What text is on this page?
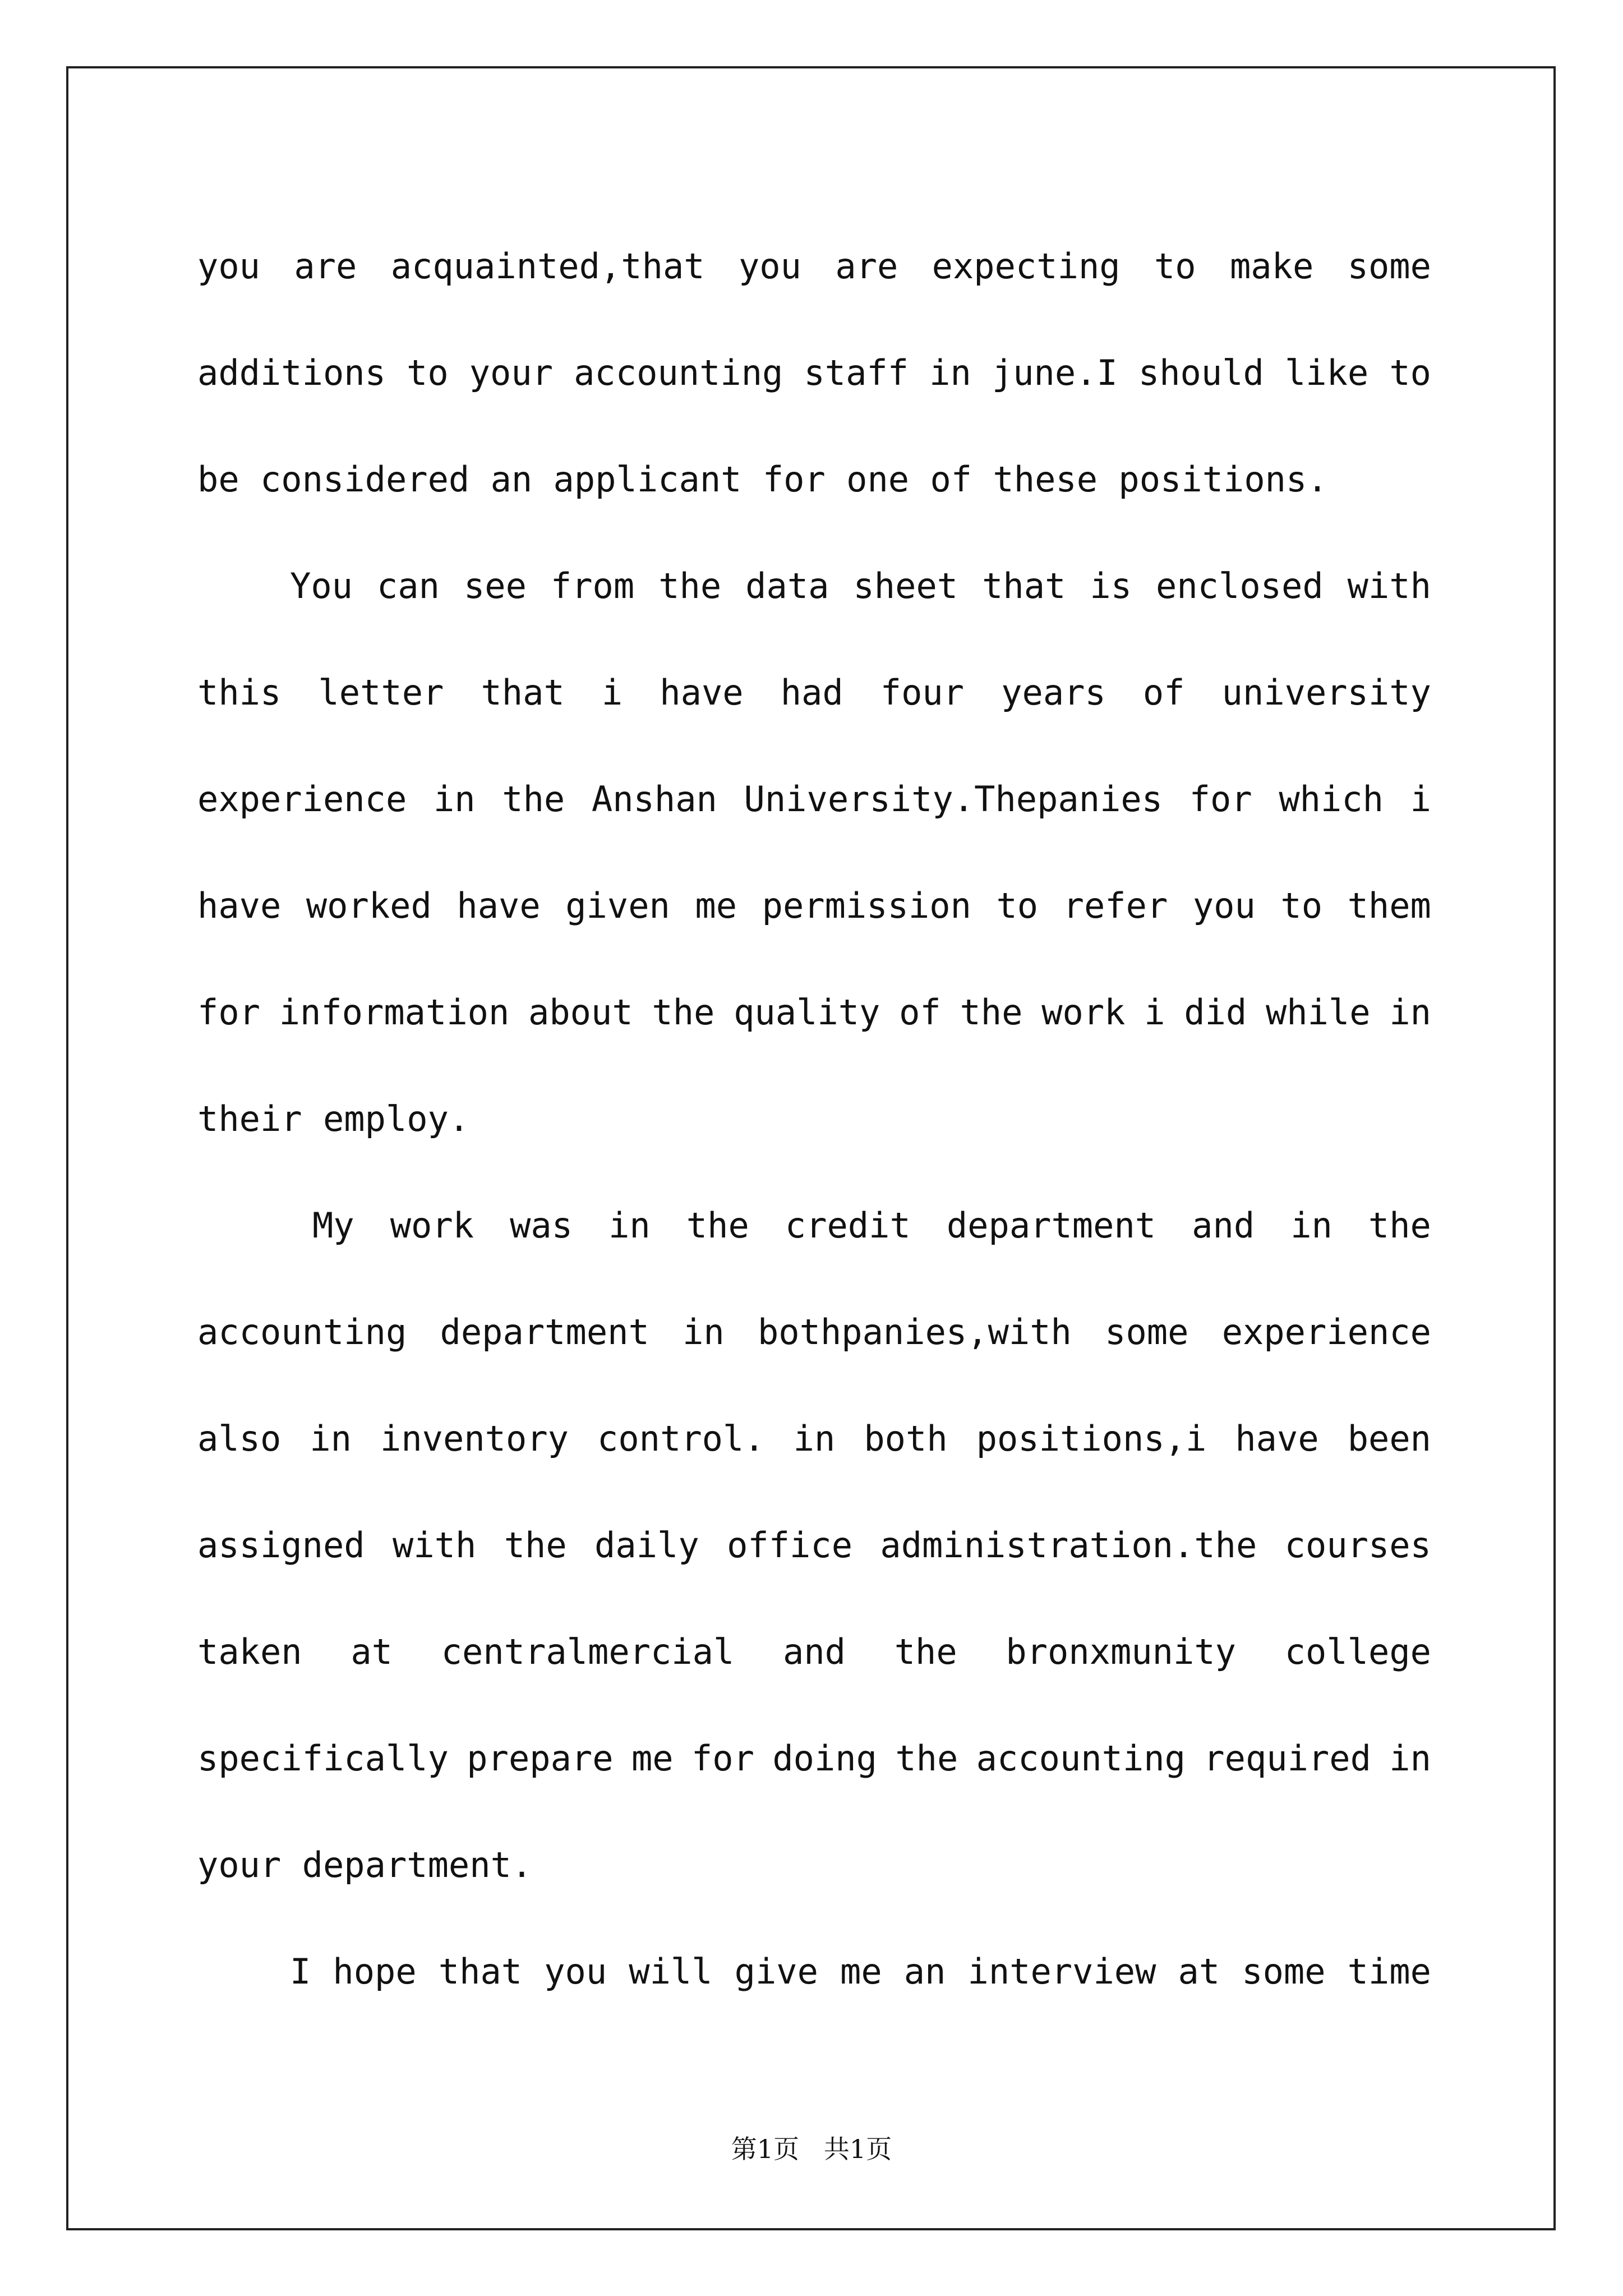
you are acquainted,that you are expecting to make some
additions to your accounting staff in june.I should like to
be considered an applicant for one of these positions.
You can see from the data sheet that is enclosed with
this letter that i have had four years of university
experience in the Anshan University.Thepanies for which i
have worked have given me permission to refer you to them
for information about the quality of the work i did while in
their employ.
My work was in the credit department and in the
accounting department in bothpanies,with some experience
also in inventory control. in both positions,i have been
assigned with the daily office administration.the courses
taken at centralmercial and the bronxmunity college
specifically prepare me for doing the accounting required in
your department.
I hope that you will give me an interview at some time
第1页   共1页
